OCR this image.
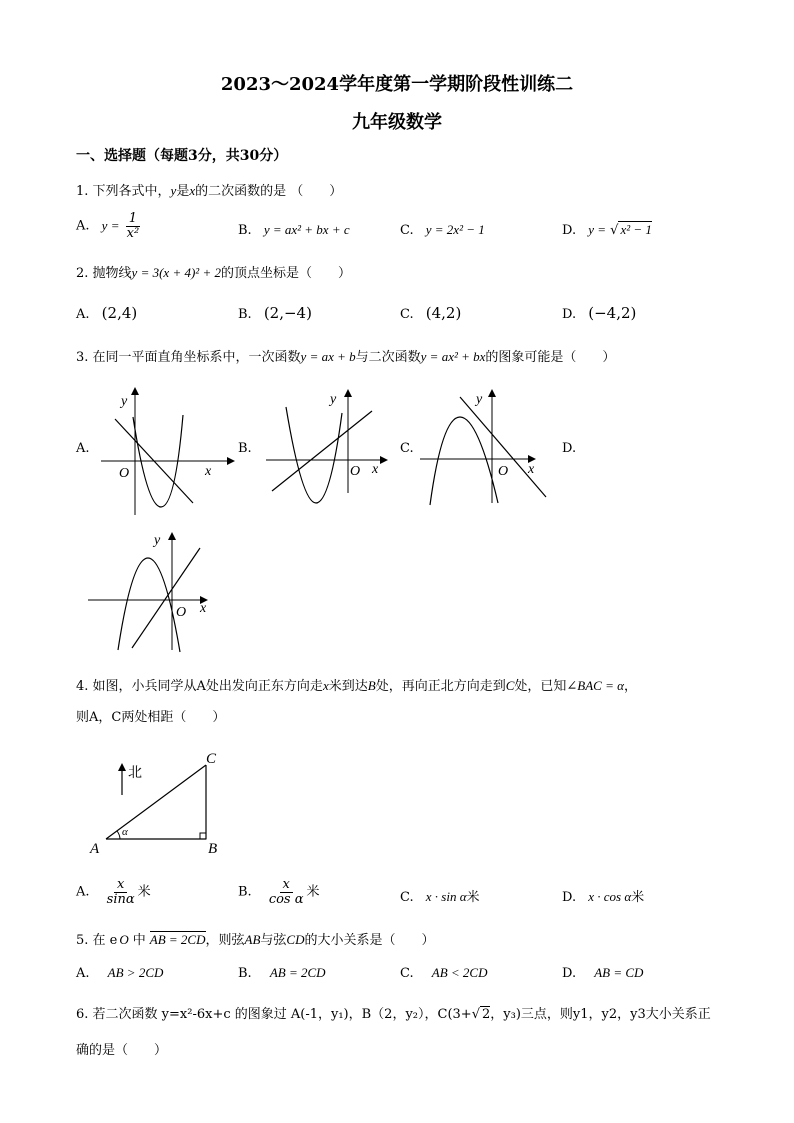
2023～2024学年度第一学期阶段性训练二
九年级数学
一、选择题（每题3分，共30分）
1. 下列各式中，y是x的二次函数的是 （　　）
A. $y = \frac{1}{\text{x²}}$	B. y = ax² + bx + c	C. y = 2x² − 1	D. y = √ x² − 1
2. 抛物线y = 3(x + 4)² + 2的顶点坐标是（　　）
A. (2,4)	B. (2,−4)	C. (4,2)	D. (−4,2)
3. 在同一平面直角坐标系中，一次函数y = ax + b与二次函数y = ax² + bx的图象可能是（　　）
A.	B.	C.	D.
y
x
O
y
x
O
y
x
O
y
x
O
4. 如图，小兵同学从A处出发向正东方向走x米到达B处，再向正北方向走到C处，已知∠BAC = α，
则A，C两处相距（　　）
北
A	B
C
α
A. $\frac{x}{\sin\alpha}$ 米	B. $\frac{x}{\text{cos α}}$ 米	C. x · sin α米	D. x · cos α米
5. 在 e O 中 AB = 2CD，则弦AB与弦CD的大小关系是（　　）
A. AB > 2CD	B. AB = 2CD	C. AB < 2CD	D. AB = CD
6. 若二次函数 y=x²-6x+c 的图象过 A(-1，y₁)，B（2，y₂），C(3+√ 2，y₃)三点，则y1，y2，y3大小关系正
确的是（　　）
